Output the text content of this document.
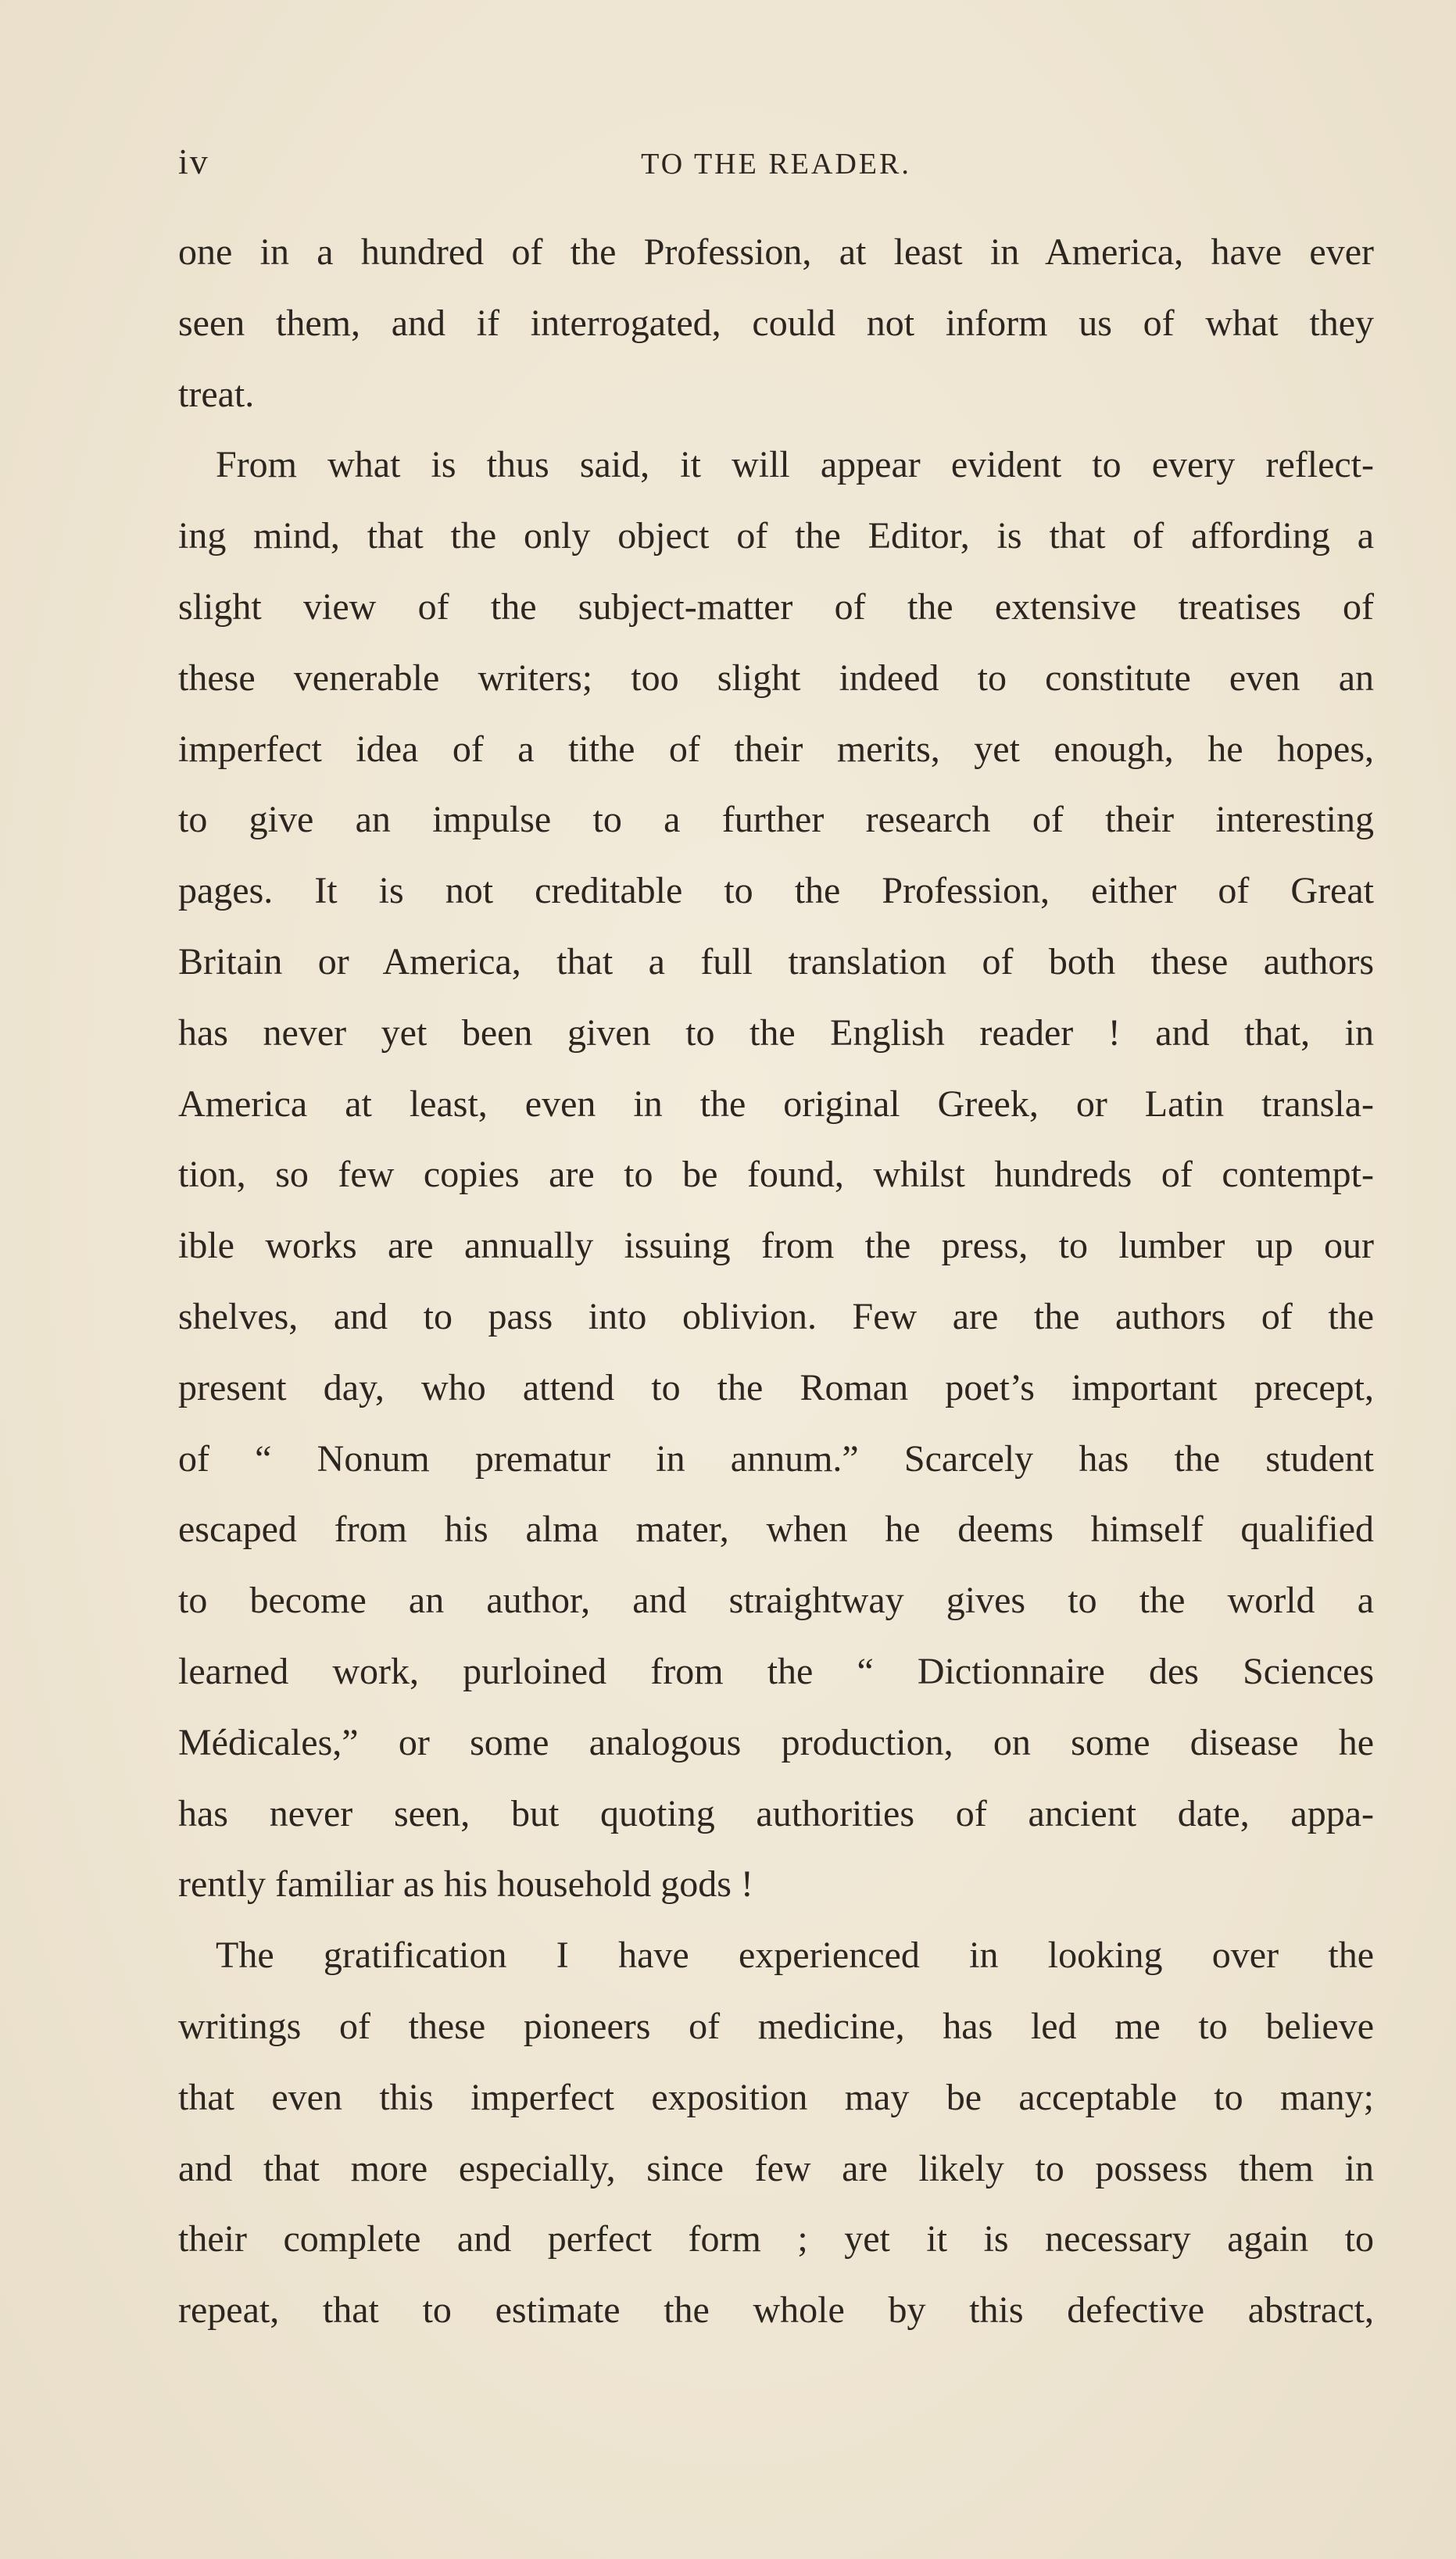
iv	TO THE READER.
one in a hundred of the Profession, at least in America, have ever
seen them, and if interrogated, could not inform us of what they
treat.
From what is thus said, it will appear evident to every reflect-
ing mind, that the only object of the Editor, is that of affording a
slight view of the subject-matter of the extensive treatises of
these venerable writers; too slight indeed to constitute even an
imperfect idea of a tithe of their merits, yet enough, he hopes,
to give an impulse to a further research of their interesting
pages. It is not creditable to the Profession, either of Great
Britain or America, that a full translation of both these authors
has never yet been given to the English reader ! and that, in
America at least, even in the original Greek, or Latin transla-
tion, so few copies are to be found, whilst hundreds of contempt-
ible works are annually issuing from the press, to lumber up our
shelves, and to pass into oblivion. Few are the authors of the
present day, who attend to the Roman poet’s important precept,
of “ Nonum prematur in annum.” Scarcely has the student
escaped from his alma mater, when he deems himself qualified
to become an author, and straightway gives to the world a
learned work, purloined from the “ Dictionnaire des Sciences
Médicales,” or some analogous production, on some disease he
has never seen, but quoting authorities of ancient date, appa-
rently familiar as his household gods !
The gratification I have experienced in looking over the
writings of these pioneers of medicine, has led me to believe
that even this imperfect exposition may be acceptable to many;
and that more especially, since few are likely to possess them in
their complete and perfect form ; yet it is necessary again to
repeat, that to estimate the whole by this defective abstract,
